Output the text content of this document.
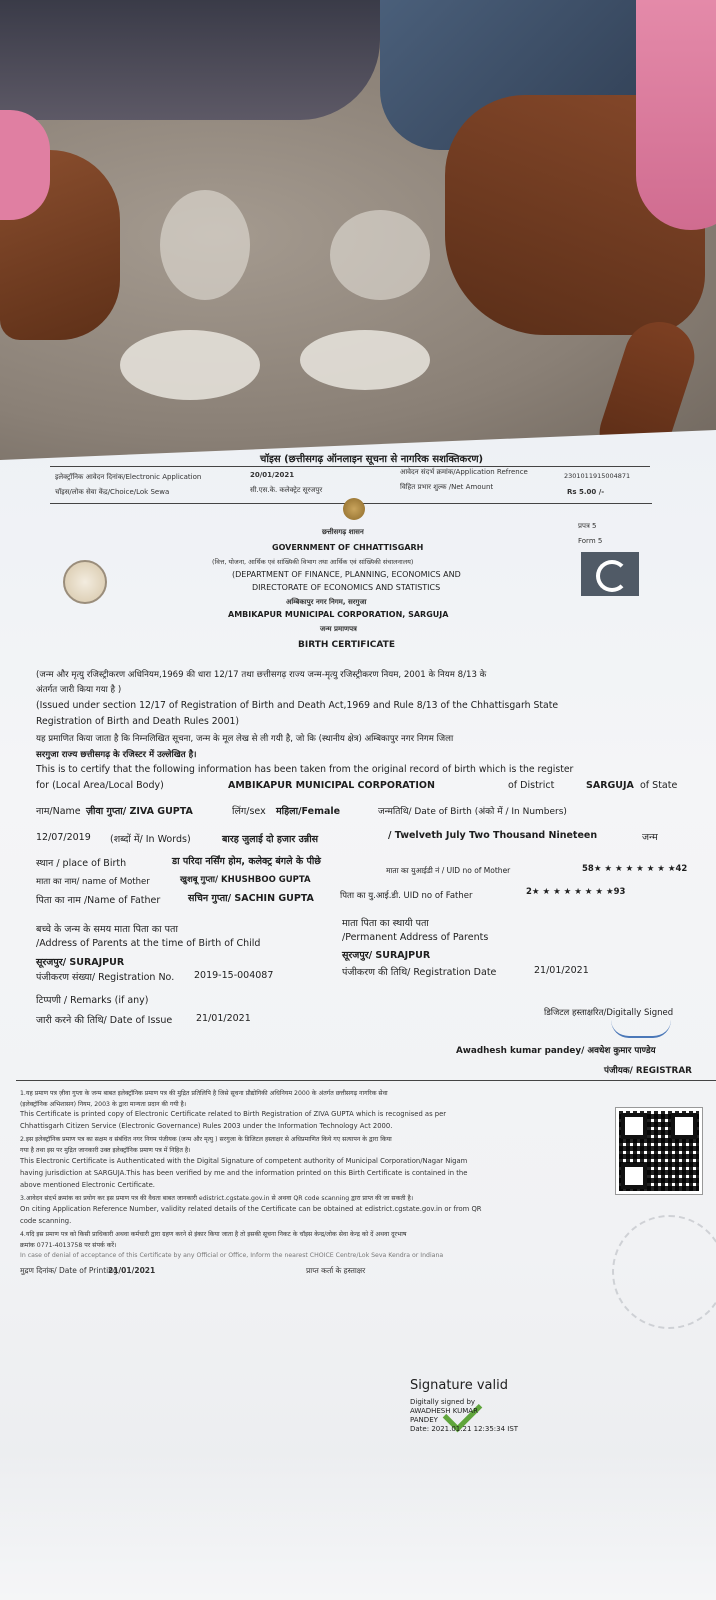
चॉइस (छत्तीसगढ़ ऑनलाइन सूचना से नागरिक सशक्तिकरण)
इलेक्ट्रॉनिक आवेदन दिनांक/Electronic Application	20/01/2021
चॉइस/लोक सेवा केंद्र/Choice/Lok Sewa	सी.एस.के. कलेक्ट्रेट सूरजपुर
आवेदन संदर्भ क्रमांक/Application Refrence	2301011915004871
विहित प्रभार शुल्क /Net Amount
Rs 5.00 /-
प्रपत्र 5
Form 5
छत्तीसगढ़ शासन
GOVERNMENT OF CHHATTISGARH
(वित्त, योजना, आर्थिक एवं सांख्यिकी विभाग तथा आर्थिक एवं सांख्यिकी संचालनालय)
(DEPARTMENT OF FINANCE, PLANNING, ECONOMICS AND
DIRECTORATE OF ECONOMICS AND STATISTICS
अम्बिकापुर नगर निगम, सरगुजा
AMBIKAPUR MUNICIPAL CORPORATION, SARGUJA
जन्म प्रमाणपत्र
BIRTH CERTIFICATE
(जन्म और मृत्यु रजिस्ट्रीकरण अधिनियम,1969 की धारा 12/17 तथा छत्तीसगढ़ राज्य जन्म-मृत्यु रजिस्ट्रीकरण नियम, 2001 के नियम 8/13 के
अंतर्गत जारी किया गया है )
(Issued under section 12/17 of Registration of Birth and Death Act,1969 and Rule 8/13 of the Chhattisgarh State
Registration of Birth and Death Rules 2001)
यह प्रमाणित किया जाता है कि निम्नलिखित सूचना, जन्म के मूल लेख से ली गयी है, जो कि (स्थानीय क्षेत्र) अम्बिकापुर नगर निगम जिला
सरगुजा राज्य छत्तीसगढ़ के रजिस्टर में उल्लेखित है।
This is to certify that the following information has been taken from the original record of birth which is the register
for (Local Area/Local Body)	AMBIKAPUR MUNICIPAL CORPORATION	of District	SARGUJA of State
नाम/Name ज़ीवा गुप्ता/ ZIVA GUPTA	लिंग/sex महिला/Female	जन्मतिथि/ Date of Birth (अंको में / In Numbers)
12/07/2019 (शब्दों में/ In Words)	बारह जुलाई दो हजार उन्नीस	/ Twelveth July Two Thousand Nineteen	जन्म
स्थान / place of Birth	डा परिदा नर्सिंग होम, कलेक्ट्र बंगले के पीछे
माता का नाम/ name of Mother	खुशबू गुप्ता/ KHUSHBOO GUPTA
माता का युआईडी नं / UID no of Mother	58★ ★ ★ ★ ★ ★ ★ ★42
पिता का नाम /Name of Father	सचिन गुप्ता/ SACHIN GUPTA	पिता का यु.आई.डी. UID no of Father	2★ ★ ★ ★ ★ ★ ★ ★93
बच्चे के जन्म के समय माता पिता का पता
/Address of Parents at the time of Birth of Child
सूरजपुर/ SURAJPUR
माता पिता का स्थायी पता
/Permanent Address of Parents
सूरजपुर/ SURAJPUR
पंजीकरण संख्या/ Registration No. 2019-15-004087	पंजीकरण की तिथि/ Registration Date	21/01/2021
टिप्पणी / Remarks (if any)
जारी करने की तिथि/ Date of Issue	21/01/2021	डिजिटल हस्ताक्षरित/Digitally Signed
Awadhesh kumar pandey/ अवधेश कुमार पाण्डेय
पंजीयक/ REGISTRAR
1.यह प्रमाण पत्र ज़ीवा गुप्ता के जन्म बाबत इलेक्ट्रॉनिक प्रमाण पत्र की मुद्रित प्रतिलिपि है जिसे सूचना प्रौद्योगिकी अधिनियम 2000 के अंतर्गत छत्तीसगढ़ नागरिक सेवा
(इलेक्ट्रॉनिक अभिशासन) नियम, 2003 के द्वारा मान्यता प्रदान की गयी है।
This Certificate is printed copy of Electronic Certificate related to Birth Registration of ZIVA GUPTA which is recognised as per
Chhattisgarh Citizen Service (Electronic Governance) Rules 2003 under the Information Technology Act 2000.
2.इस इलेक्ट्रॉनिक प्रमाण पत्र का सक्षम व संबंधित नगर निगम पंजीयक (जन्म और मृत्यु ) सरगुजा के डिजिटल हस्ताक्षर से अधिप्रमाणित किये गए सत्यापन के द्वारा किया
गया है तथा इस पर मुद्रित जानकारी उक्त इलेक्ट्रॉनिक प्रमाण पत्र में निहित है।
This Electronic Certificate is Authenticated with the Digital Signature of competent authority of Municipal Corporation/Nagar Nigam
having jurisdiction at SARGUJA.This has been verified by me and the information printed on this Birth Certificate is contained in the
above mentioned Electronic Certificate.
3.आवेदन संदर्भ क्रमांक का प्रयोग कर इस प्रमाण पत्र की वैधता बाबत जानकारी edistrict.cgstate.gov.in से अथवा QR code scanning द्वारा प्राप्त की जा सकती है।
On citing Application Reference Number, validity related details of the Certificate can be obtained at edistrict.cgstate.gov.in or from QR
code scanning.
4.यदि इस प्रमाण पत्र को किसी प्राधिकारी अथवा कर्मचारी द्वारा ग्रहण करने से इंकार किया जाता है तो इसकी सूचना निकट के चॉइस केन्द्र/लोक सेवा केन्द्र को दें अथवा दूरभाष
क्रमांक 0771-4013758 पर संपर्क करें।
In case of denial of acceptance of this Certificate by any Official or Office, Inform the nearest CHOICE Centre/Lok Seva Kendra or Indiana
मुद्रण दिनांक/ Date of Printing
21/01/2021	प्राप्त कर्ता के हस्ताक्षर
Signature valid
Digitally signed by
AWADHESH KUMAR
PANDEY
Date: 2021.01.21 12:35:34 IST
